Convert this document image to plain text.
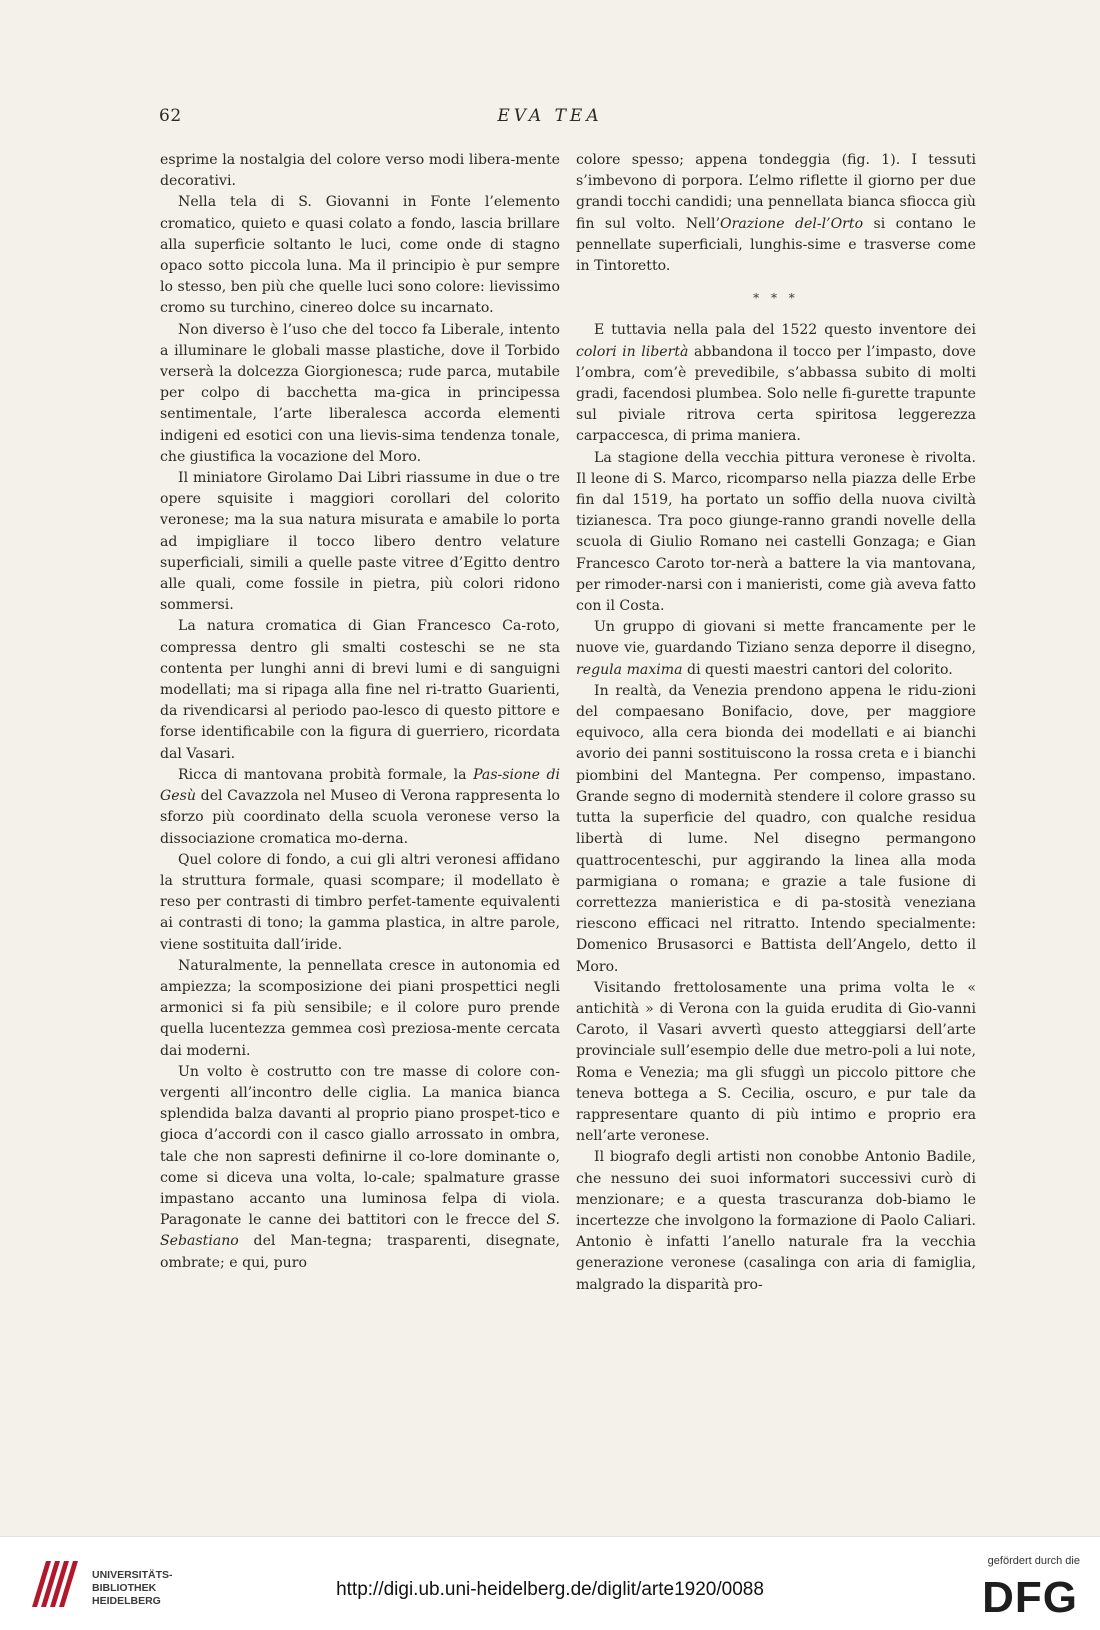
62	EVA TEA

esprime la nostalgia del colore verso modi libera-mente decorativi.

Nella tela di S. Giovanni in Fonte l’elemento cromatico, quieto e quasi colato a fondo, lascia brillare alla superficie soltanto le luci, come onde di stagno opaco sotto piccola luna. Ma il principio è pur sempre lo stesso, ben più che quelle luci sono colore: lievissimo cromo su turchino, cinereo dolce su incarnato.

Non diverso è l’uso che del tocco fa Liberale, intento a illuminare le globali masse plastiche, dove il Torbido verserà la dolcezza Giorgionesca; rude parca, mutabile per colpo di bacchetta ma-gica in principessa sentimentale, l’arte liberalesca accorda elementi indigeni ed esotici con una lievis-sima tendenza tonale, che giustifica la vocazione del Moro.

Il miniatore Girolamo Dai Libri riassume in due o tre opere squisite i maggiori corollari del colorito veronese; ma la sua natura misurata e amabile lo porta ad impigliare il tocco libero dentro velature superficiali, simili a quelle paste vitree d’Egitto dentro alle quali, come fossile in pietra, più colori ridono sommersi.

La natura cromatica di Gian Francesco Ca-roto, compressa dentro gli smalti costeschi se ne sta contenta per lunghi anni di brevi lumi e di sanguigni modellati; ma si ripaga alla fine nel ri-tratto Guarienti, da rivendicarsi al periodo pao-lesco di questo pittore e forse identificabile con la figura di guerriero, ricordata dal Vasari.

Ricca di mantovana probità formale, la Pas-sione di Gesù del Cavazzola nel Museo di Verona rappresenta lo sforzo più coordinato della scuola veronese verso la dissociazione cromatica mo-derna.

Quel colore di fondo, a cui gli altri veronesi affidano la struttura formale, quasi scompare; il modellato è reso per contrasti di timbro perfet-tamente equivalenti ai contrasti di tono; la gamma plastica, in altre parole, viene sostituita dall’iride.

Naturalmente, la pennellata cresce in autonomia ed ampiezza; la scomposizione dei piani prospettici negli armonici si fa più sensibile; e il colore puro prende quella lucentezza gemmea così preziosa-mente cercata dai moderni.

Un volto è costrutto con tre masse di colore con-vergenti all’incontro delle ciglia. La manica bianca splendida balza davanti al proprio piano prospet-tico e gioca d’accordi con il casco giallo arrossato in ombra, tale che non sapresti definirne il co-lore dominante o, come si diceva una volta, lo-cale; spalmature grasse impastano accanto una luminosa felpa di viola. Paragonate le canne dei battitori con le frecce del S. Sebastiano del Man-tegna; trasparenti, disegnate, ombrate; e qui, puro

colore spesso; appena tondeggia (fig. 1). I tessuti s’imbevono di porpora. L’elmo riflette il giorno per due grandi tocchi candidi; una pennellata bianca sfiocca giù fin sul volto. Nell’Orazione del-l’Orto si contano le pennellate superficiali, lunghis-sime e trasverse come in Tintoretto.

* * *

E tuttavia nella pala del 1522 questo inventore dei colori in libertà abbandona il tocco per l’impasto, dove l’ombra, com’è prevedibile, s’abbassa subito di molti gradi, facendosi plumbea. Solo nelle fi-gurette trapunte sul piviale ritrova certa spiritosa leggerezza carpaccesca, di prima maniera.

La stagione della vecchia pittura veronese è rivolta. Il leone di S. Marco, ricomparso nella piazza delle Erbe fin dal 1519, ha portato un soffio della nuova civiltà tizianesca. Tra poco giunge-ranno grandi novelle della scuola di Giulio Romano nei castelli Gonzaga; e Gian Francesco Caroto tor-nerà a battere la via mantovana, per rimoder-narsi con i manieristi, come già aveva fatto con il Costa.

Un gruppo di giovani si mette francamente per le nuove vie, guardando Tiziano senza deporre il disegno, regula maxima di questi maestri cantori del colorito.

In realtà, da Venezia prendono appena le ridu-zioni del compaesano Bonifacio, dove, per maggiore equivoco, alla cera bionda dei modellati e ai bianchi avorio dei panni sostituiscono la rossa creta e i bianchi piombini del Mantegna. Per compenso, impastano. Grande segno di modernità stendere il colore grasso su tutta la superficie del quadro, con qualche residua libertà di lume. Nel disegno permangono quattrocenteschi, pur aggirando la linea alla moda parmigiana o romana; e grazie a tale fusione di correttezza manieristica e di pa-stosità veneziana riescono efficaci nel ritratto. Intendo specialmente: Domenico Brusasorci e Battista dell’Angelo, detto il Moro.

Visitando frettolosamente una prima volta le « antichità » di Verona con la guida erudita di Gio-vanni Caroto, il Vasari avvertì questo atteggiarsi dell’arte provinciale sull’esempio delle due metro-poli a lui note, Roma e Venezia; ma gli sfuggì un piccolo pittore che teneva bottega a S. Cecilia, oscuro, e pur tale da rappresentare quanto di più intimo e proprio era nell’arte veronese.

Il biografo degli artisti non conobbe Antonio Badile, che nessuno dei suoi informatori successivi curò di menzionare; e a questa trascuranza dob-biamo le incertezze che involgono la formazione di Paolo Caliari. Antonio è infatti l’anello naturale fra la vecchia generazione veronese (casalinga con aria di famiglia, malgrado la disparità pro-

UNIVERSITÄTS-
BIBLIOTHEK
HEIDELBERG
http://digi.ub.uni-heidelberg.de/diglit/arte1920/0088
gefördert durch die
DFG
